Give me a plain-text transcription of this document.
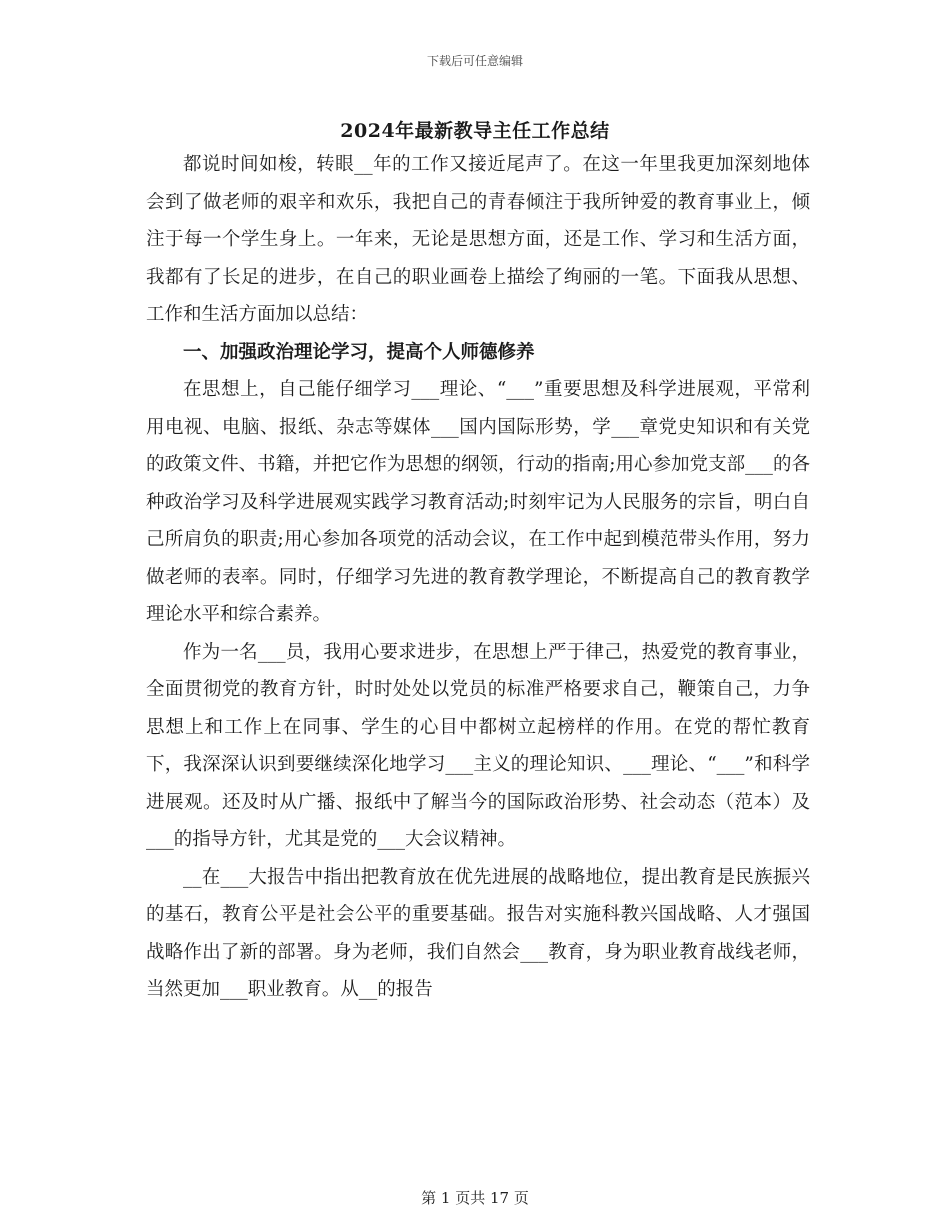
下载后可任意编辑
2024年最新教导主任工作总结

都说时间如梭，转眼__年的工作又接近尾声了。在这一年里我更加深刻地体会到了做老师的艰辛和欢乐，我把自己的青春倾注于我所钟爱的教育事业上，倾注于每一个学生身上。一年来，无论是思想方面，还是工作、学习和生活方面，我都有了长足的进步，在自己的职业画卷上描绘了绚丽的一笔。下面我从思想、工作和生活方面加以总结：

一、加强政治理论学习，提高个人师德修养

在思想上，自己能仔细学习___理论、“___”重要思想及科学进展观，平常利用电视、电脑、报纸、杂志等媒体___国内国际形势，学___章党史知识和有关党的政策文件、书籍，并把它作为思想的纲领，行动的指南;用心参加党支部___的各种政治学习及科学进展观实践学习教育活动;时刻牢记为人民服务的宗旨，明白自己所肩负的职责;用心参加各项党的活动会议，在工作中起到模范带头作用，努力做老师的表率。同时，仔细学习先进的教育教学理论，不断提高自己的教育教学理论水平和综合素养。

作为一名___员，我用心要求进步，在思想上严于律己，热爱党的教育事业，全面贯彻党的教育方针，时时处处以党员的标准严格要求自己，鞭策自己，力争思想上和工作上在同事、学生的心目中都树立起榜样的作用。在党的帮忙教育下，我深深认识到要继续深化地学习___主义的理论知识、___理论、“___”和科学进展观。还及时从广播、报纸中了解当今的国际政治形势、社会动态（范本）及___的指导方针，尤其是党的___大会议精神。

__在___大报告中指出把教育放在优先进展的战略地位，提出教育是民族振兴的基石，教育公平是社会公平的重要基础。报告对实施科教兴国战略、人才强国战略作出了新的部署。身为老师，我们自然会___教育，身为职业教育战线老师，当然更加___职业教育。从__的报告

第 1 页共 17 页
